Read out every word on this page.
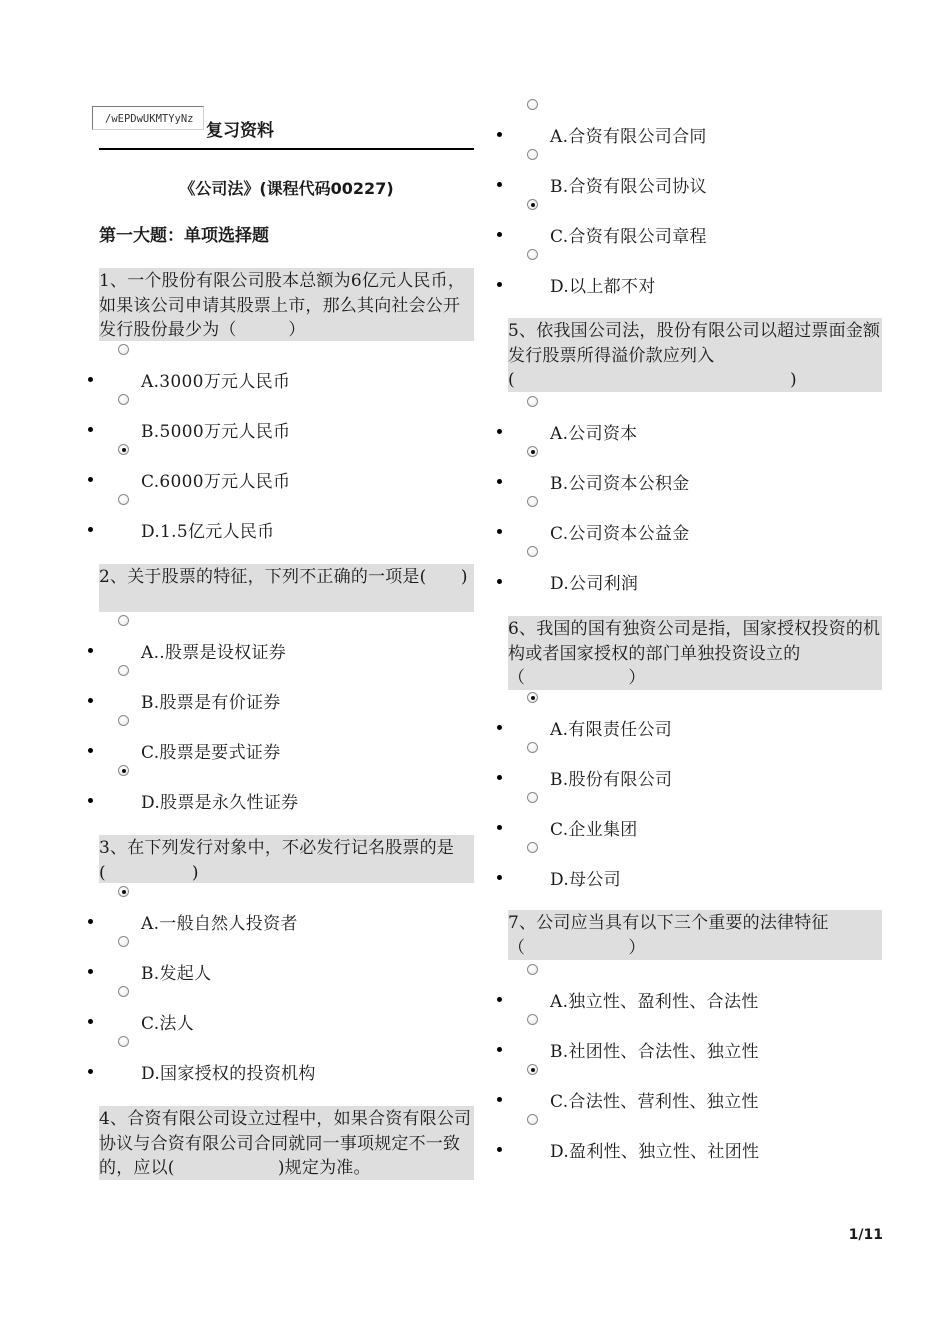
/wEPDwUKMTYyNz
复习资料
《公司法》(课程代码00227)
第一大题：单项选择题
1、一个股份有限公司股本总额为6亿元人民币，如果该公司申请其股票上市，那么其向社会公开发行股份最少为（　　　）
A.3000万元人民币
B.5000万元人民币
C.6000万元人民币
D.1.5亿元人民币
2、关于股票的特征，下列不正确的一项是(　　)
A..股票是设权证券
B.股票是有价证券
C.股票是要式证券
D.股票是永久性证券
3、在下列发行对象中，不必发行记名股票的是(　　　　　)
A.一般自然人投资者
B.发起人
C.法人
D.国家授权的投资机构
4、合资有限公司设立过程中，如果合资有限公司协议与合资有限公司合同就同一事项规定不一致的，应以(　　　　　　)规定为准。
A.合资有限公司合同
B.合资有限公司协议
C.合资有限公司章程
D.以上都不对
5、依我国公司法，股份有限公司以超过票面金额发行股票所得溢价款应列入(　　　　　　　　　　　　　　　　)
A.公司资本
B.公司资本公积金
C.公司资本公益金
D.公司利润
6、我国的国有独资公司是指，国家授权投资的机构或者国家授权的部门单独投资设立的（　　　　　　）
A.有限责任公司
B.股份有限公司
C.企业集团
D.母公司
7、公司应当具有以下三个重要的法律特征（　　　　　　）
A.独立性、盈利性、合法性
B.社团性、合法性、独立性
C.合法性、营利性、独立性
D.盈利性、独立性、社团性
1/11
